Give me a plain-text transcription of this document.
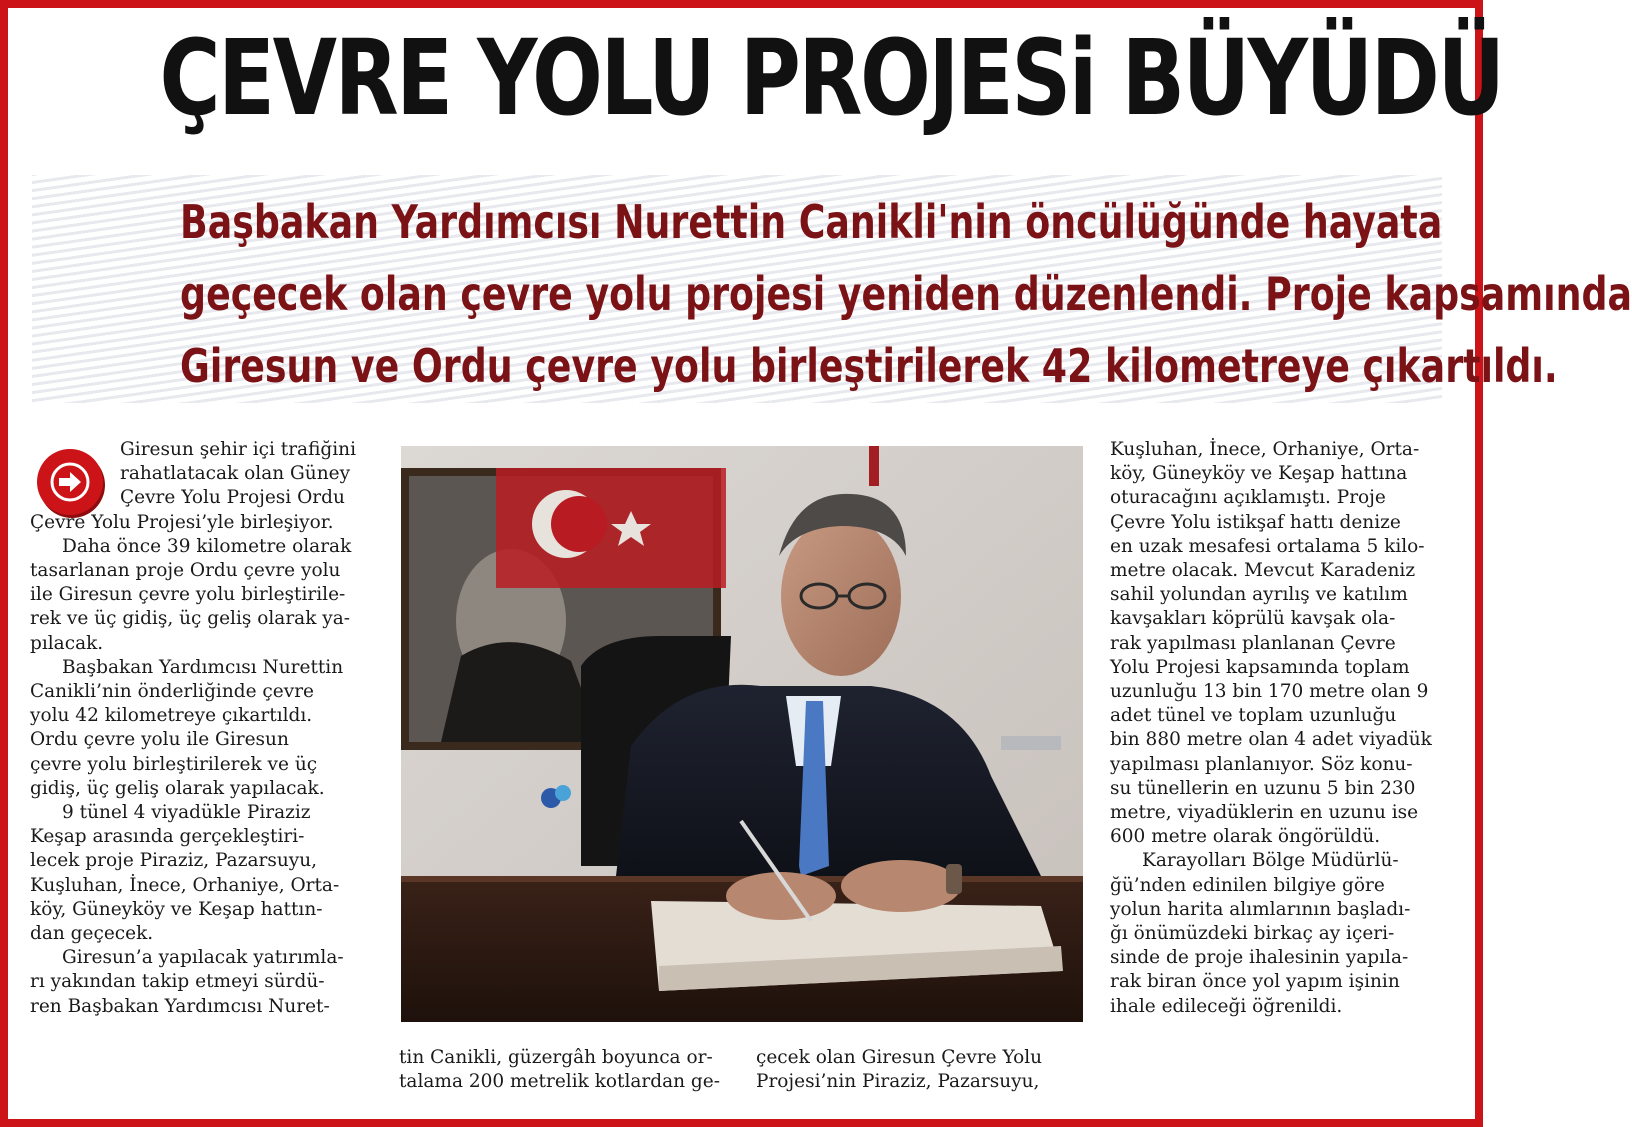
ÇEVRE YOLU PROJESi BÜYÜDÜ
Başbakan Yardımcısı Nurettin Canikli'nin öncülüğünde hayata
geçecek olan çevre yolu projesi yeniden düzenlendi. Proje kapsamında
Giresun ve Ordu çevre yolu birleştirilerek 42 kilometreye çıkartıldı.
Giresun şehir içi trafiğini
rahatlatacak olan Güney
Çevre Yolu Projesi Ordu
Çevre Yolu Projesi’yle birleşiyor.
Daha önce 39 kilometre olarak
tasarlanan proje Ordu çevre yolu
ile Giresun çevre yolu birleştirile-
rek ve üç gidiş, üç geliş olarak ya-
pılacak.
Başbakan Yardımcısı Nurettin
Canikli’nin önderliğinde çevre
yolu 42 kilometreye çıkartıldı.
Ordu çevre yolu ile Giresun
çevre yolu birleştirilerek ve üç
gidiş, üç geliş olarak yapılacak.
9 tünel 4 viyadükle Piraziz
Keşap arasında gerçekleştiri-
lecek proje Piraziz, Pazarsuyu,
Kuşluhan, İnece, Orhaniye, Orta-
köy, Güneyköy ve Keşap hattın-
dan geçecek.
Giresun’a yapılacak yatırımla-
rı yakından takip etmeyi sürdü-
ren Başbakan Yardımcısı Nuret-
tin Canikli, güzergâh boyunca or-
talama 200 metrelik kotlardan ge-
çecek olan Giresun Çevre Yolu
Projesi’nin Piraziz, Pazarsuyu,
Kuşluhan, İnece, Orhaniye, Orta-
köy, Güneyköy ve Keşap hattına
oturacağını açıklamıştı. Proje
Çevre Yolu istikşaf hattı denize
en uzak mesafesi ortalama 5 kilo-
metre olacak. Mevcut Karadeniz
sahil yolundan ayrılış ve katılım
kavşakları köprülü kavşak ola-
rak yapılması planlanan Çevre
Yolu Projesi kapsamında toplam
uzunluğu 13 bin 170 metre olan 9
adet tünel ve toplam uzunluğu
bin 880 metre olan 4 adet viyadük
yapılması planlanıyor. Söz konu-
su tünellerin en uzunu 5 bin 230
metre, viyadüklerin en uzunu ise
600 metre olarak öngörüldü.
Karayolları Bölge Müdürlü-
ğü’nden edinilen bilgiye göre
yolun harita alımlarının başladı-
ğı önümüzdeki birkaç ay içeri-
sinde de proje ihalesinin yapıla-
rak biran önce yol yapım işinin
ihale edileceği öğrenildi.
